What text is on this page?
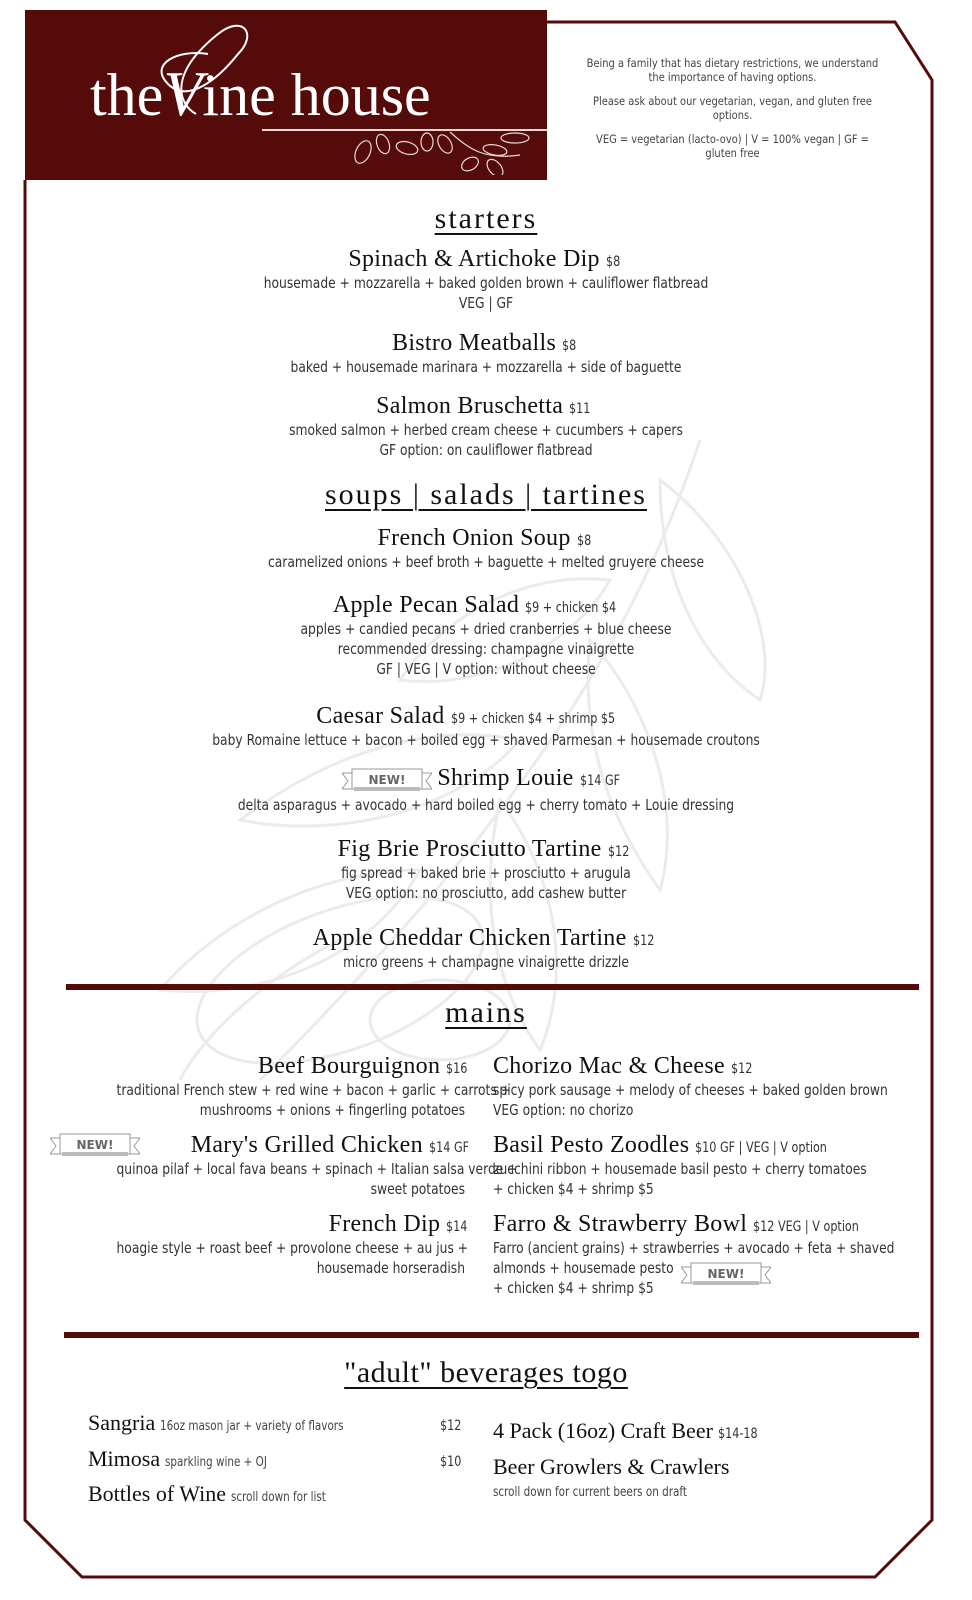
theVine house	Being a family that has dietary restrictions, we understand the importance of having options.

Please ask about our vegetarian, vegan, and gluten free options.

VEG = vegetarian (lacto-ovo) | V = 100% vegan | GF = gluten free

starters
Spinach & Artichoke Dip $8
housemade + mozzarella + baked golden brown + cauliflower flatbread
VEG | GF
Bistro Meatballs $8
baked + housemade marinara + mozzarella + side of baguette
Salmon Bruschetta $11
smoked salmon + herbed cream cheese + cucumbers + capers
GF option: on cauliflower flatbread
soups | salads | tartines
French Onion Soup $8
caramelized onions + beef broth + baguette + melted gruyere cheese
Apple Pecan Salad $9 + chicken $4
apples + candied pecans + dried cranberries + blue cheese
recommended dressing: champagne vinaigrette
GF | VEG | V option: without cheese
Caesar Salad $9 + chicken $4 + shrimp $5
baby Romaine lettuce + bacon + boiled egg + shaved Parmesan + housemade croutons
NEW! Shrimp Louie $14 GF
delta asparagus + avocado + hard boiled egg + cherry tomato + Louie dressing
Fig Brie Prosciutto Tartine $12
fig spread + baked brie + prosciutto + arugula
VEG option: no prosciutto, add cashew butter
Apple Cheddar Chicken Tartine $12
micro greens + champagne vinaigrette drizzle
mains
Beef Bourguignon $16
traditional French stew + red wine + bacon + garlic + carrots +
mushrooms + onions + fingerling potatoes
NEW!	Mary's Grilled Chicken $14 GF
quinoa pilaf + local fava beans + spinach + Italian salsa verde +
sweet potatoes
French Dip $14
hoagie style + roast beef + provolone cheese + au jus +
housemade horseradish
Chorizo Mac & Cheese $12
spicy pork sausage + melody of cheeses + baked golden brown
VEG option: no chorizo
Basil Pesto Zoodles $10 GF | VEG | V option
zucchini ribbon + housemade basil pesto + cherry tomatoes
+ chicken $4 + shrimp $5
Farro & Strawberry Bowl $12 VEG | V option
Farro (ancient grains) + strawberries + avocado + feta + shaved
almonds + housemade pesto
+ chicken $4 + shrimp $5
NEW!
"adult" beverages togo
Sangria 16oz mason jar + variety of flavors	$12
Mimosa sparkling wine + OJ	$10
Bottles of Wine scroll down for list
4 Pack (16oz) Craft Beer $14-18
Beer Growlers & Crawlers
scroll down for current beers on draft
